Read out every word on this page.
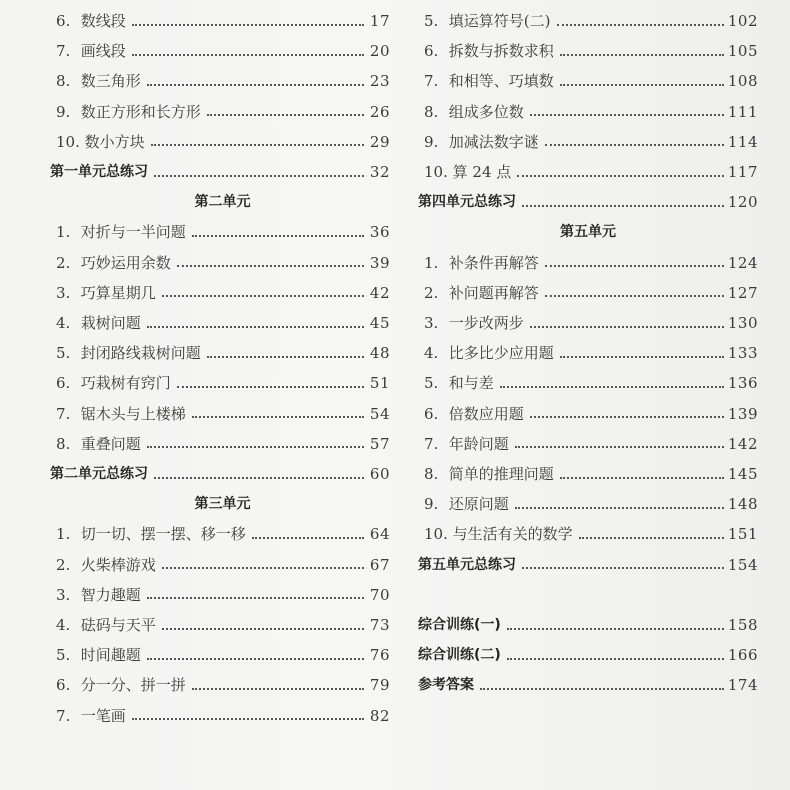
6. 数线段	17
7. 画线段	20
8. 数三角形	23
9. 数正方形和长方形	26
10. 数小方块	29
第一单元总练习	32
第二单元
1. 对折与一半问题	36
2. 巧妙运用余数	39
3. 巧算星期几	42
4. 栽树问题	45
5. 封闭路线栽树问题	48
6. 巧栽树有窍门	51
7. 锯木头与上楼梯	54
8. 重叠问题	57
第二单元总练习	60
第三单元
1. 切一切、摆一摆、移一移	64
2. 火柴棒游戏	67
3. 智力趣题	70
4. 砝码与天平	73
5. 时间趣题	76
6. 分一分、拼一拼	79
7. 一笔画	82
5. 填运算符号(二)	102
6. 拆数与拆数求积	105
7. 和相等、巧填数	108
8. 组成多位数	111
9. 加减法数字谜	114
10. 算 24 点	117
第四单元总练习	120
第五单元
1. 补条件再解答	124
2. 补问题再解答	127
3. 一步改两步	130
4. 比多比少应用题	133
5. 和与差	136
6. 倍数应用题	139
7. 年龄问题	142
8. 简单的推理问题	145
9. 还原问题	148
10. 与生活有关的数学	151
第五单元总练习	154
综合训练(一)	158
综合训练(二)	166
参考答案	174
